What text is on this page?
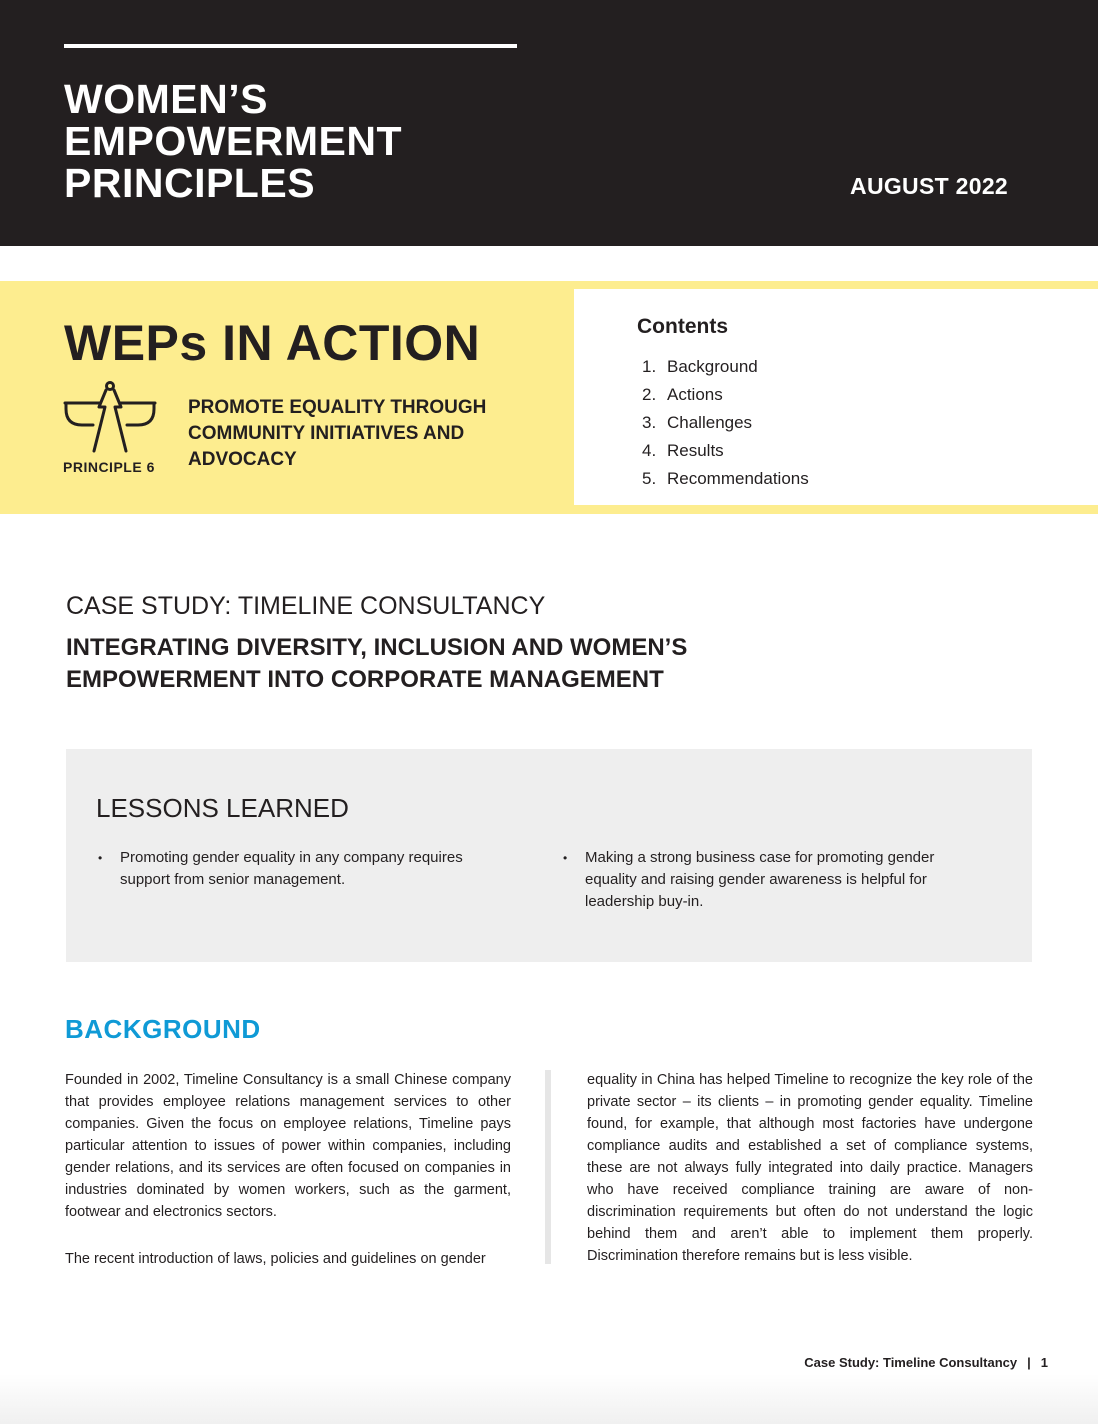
WOMEN’S
EMPOWERMENT
PRINCIPLES	AUGUST 2022
WEPs IN ACTION
PRINCIPLE 6
PROMOTE EQUALITY THROUGH
COMMUNITY INITIATIVES AND
ADVOCACY
Contents
1. Background
2. Actions
3. Challenges
4. Results
5. Recommendations
CASE STUDY: TIMELINE CONSULTANCY
INTEGRATING DIVERSITY, INCLUSION AND WOMEN’S
EMPOWERMENT INTO CORPORATE MANAGEMENT
LESSONS LEARNED
• Promoting gender equality in any company requires support from senior management.
• Making a strong business case for promoting gender equality and raising gender awareness is helpful for leadership buy-in.
BACKGROUND

Founded in 2002, Timeline Consultancy is a small Chinese company that provides employee relations management services to other companies. Given the focus on employee relations, Timeline pays particular attention to issues of power within companies, including gender relations, and its services are often focused on companies in industries dominated by women workers, such as the garment, footwear and electronics sectors.

The recent introduction of laws, policies and guidelines on gender

equality in China has helped Timeline to recognize the key role of the private sector – its clients – in promoting gender equality. Timeline found, for example, that although most factories have undergone compliance audits and established a set of compliance systems, these are not always fully integrated into daily practice. Managers who have received compliance training are aware of non-discrimination requirements but often do not understand the logic behind them and aren’t able to implement them properly. Discrimination therefore remains but is less visible.

Case Study: Timeline Consultancy | 1
